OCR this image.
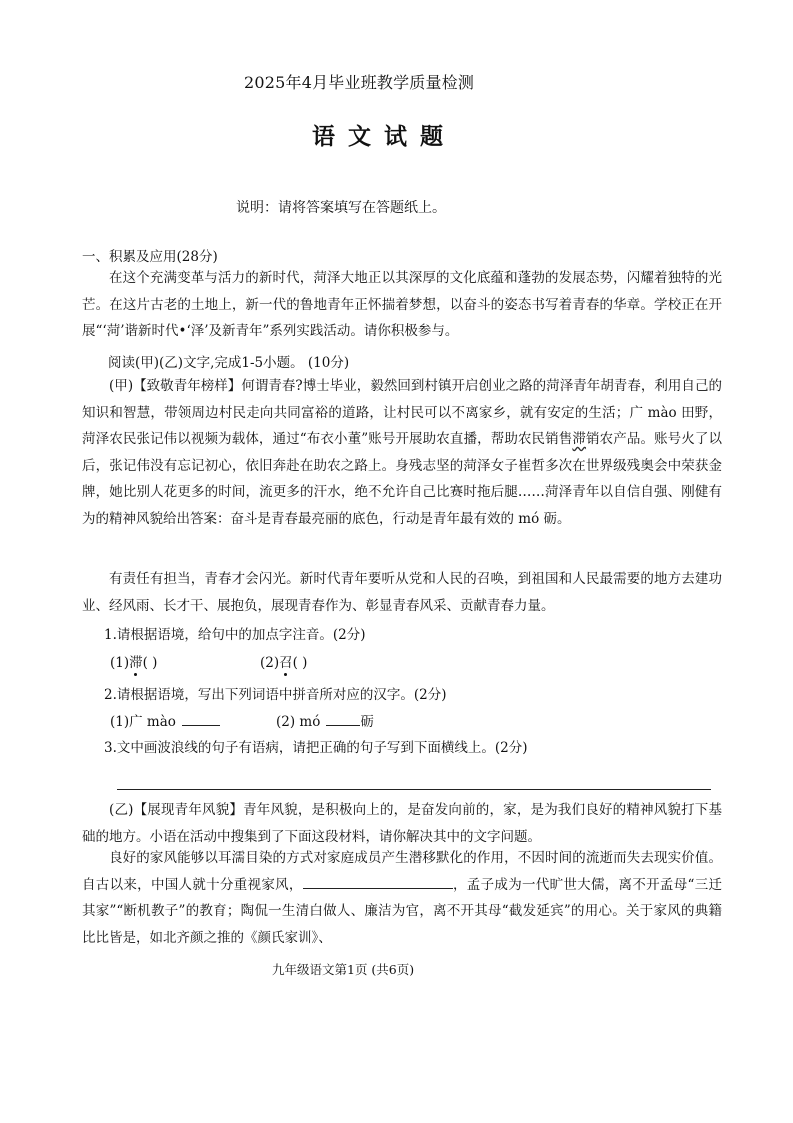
2025年4月毕业班教学质量检测
语文试题
说明：请将答案填写在答题纸上。
一、积累及应用(28分)
在这个充满变革与活力的新时代，菏泽大地正以其深厚的文化底蕴和蓬勃的发展态势，闪耀着独特的光芒。在这片古老的土地上，新一代的鲁地青年正怀揣着梦想，以奋斗的姿态书写着青春的华章。学校正在开展“‘菏’谐新时代•‘泽’及新青年”系列实践活动。请你积极参与。
阅读(甲)(乙)文字,完成1-5小题。 (10分)
(甲)【致敬青年榜样】何谓青春?博士毕业，毅然回到村镇开启创业之路的菏泽青年胡青春，利用自己的知识和智慧，带领周边村民走向共同富裕的道路，让村民可以不离家乡，就有安定的生活；广 mào 田野，菏泽农民张记伟以视频为载体，通过“布衣小董”账号开展助农直播，帮助农民销售滞销农产品。账号火了以后，张记伟没有忘记初心，依旧奔赴在助农之路上。身残志坚的菏泽女子崔哲多次在世界级残奥会中荣获金牌，她比别人花更多的时间，流更多的汗水，绝不允许自己比赛时拖后腿……菏泽青年以自信自强、刚健有为的精神风貌给出答案：奋斗是青春最亮丽的底色，行动是青年最有效的 mó 砺。
有责任有担当，青春才会闪光。新时代青年要听从党和人民的召唤，到祖国和人民最需要的地方去建功业、经风雨、长才干、展抱负，展现青春作为、彰显青春风采、贡献青春力量。
1.请根据语境，给句中的加点字注音。(2分)
(1)滞( )	(2)召( )
2.请根据语境，写出下列词语中拼音所对应的汉字。(2分)
(1)广 mào	(2) mó	砺
3.文中画波浪线的句子有语病，请把正确的句子写到下面横线上。(2分)
(乙)【展现青年风貌】青年风貌，是积极向上的，是奋发向前的，家，是为我们良好的精神风貌打下基础的地方。小语在活动中搜集到了下面这段材料，请你解决其中的文字问题。
良好的家风能够以耳濡目染的方式对家庭成员产生潜移默化的作用，不因时间的流逝而失去现实价值。 自古以来，中国人就十分重视家风，	，孟子成为一代旷世大儒，离不开孟母“三迁其家”“断机教子”的教育；陶侃一生清白做人、廉洁为官，离不开其母“截发延宾”的用心。关于家风的典籍比比皆是，如北齐颜之推的《颜氏家训》、
九年级语文第1页 (共6页)
